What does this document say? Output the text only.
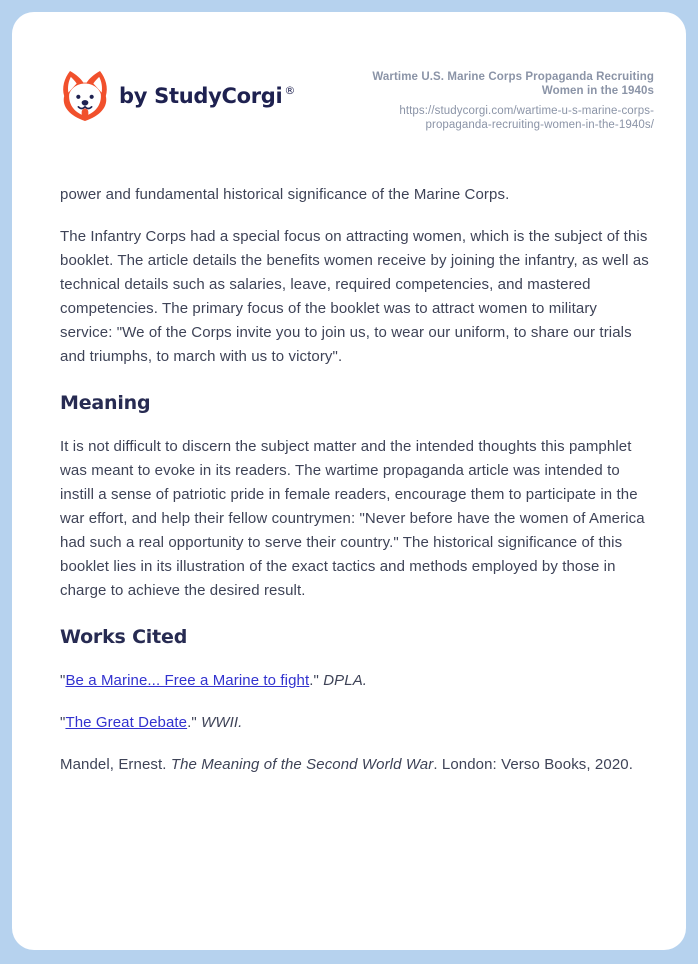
by StudyCorgi ®
Wartime U.S. Marine Corps Propaganda Recruiting Women in the 1940s
https://studycorgi.com/wartime-u-s-marine-corps-propaganda-recruiting-women-in-the-1940s/

power and fundamental historical significance of the Marine Corps.

The Infantry Corps had a special focus on attracting women, which is the subject of this booklet. The article details the benefits women receive by joining the infantry, as well as technical details such as salaries, leave, required competencies, and mastered competencies. The primary focus of the booklet was to attract women to military service: "We of the Corps invite you to join us, to wear our uniform, to share our trials and triumphs, to march with us to victory".

Meaning

It is not difficult to discern the subject matter and the intended thoughts this pamphlet was meant to evoke in its readers. The wartime propaganda article was intended to instill a sense of patriotic pride in female readers, encourage them to participate in the war effort, and help their fellow countrymen: "Never before have the women of America had such a real opportunity to serve their country." The historical significance of this booklet lies in its illustration of the exact tactics and methods employed by those in charge to achieve the desired result.

Works Cited

"Be a Marine... Free a Marine to fight." DPLA.

"The Great Debate." WWII.

Mandel, Ernest. The Meaning of the Second World War. London: Verso Books, 2020.
